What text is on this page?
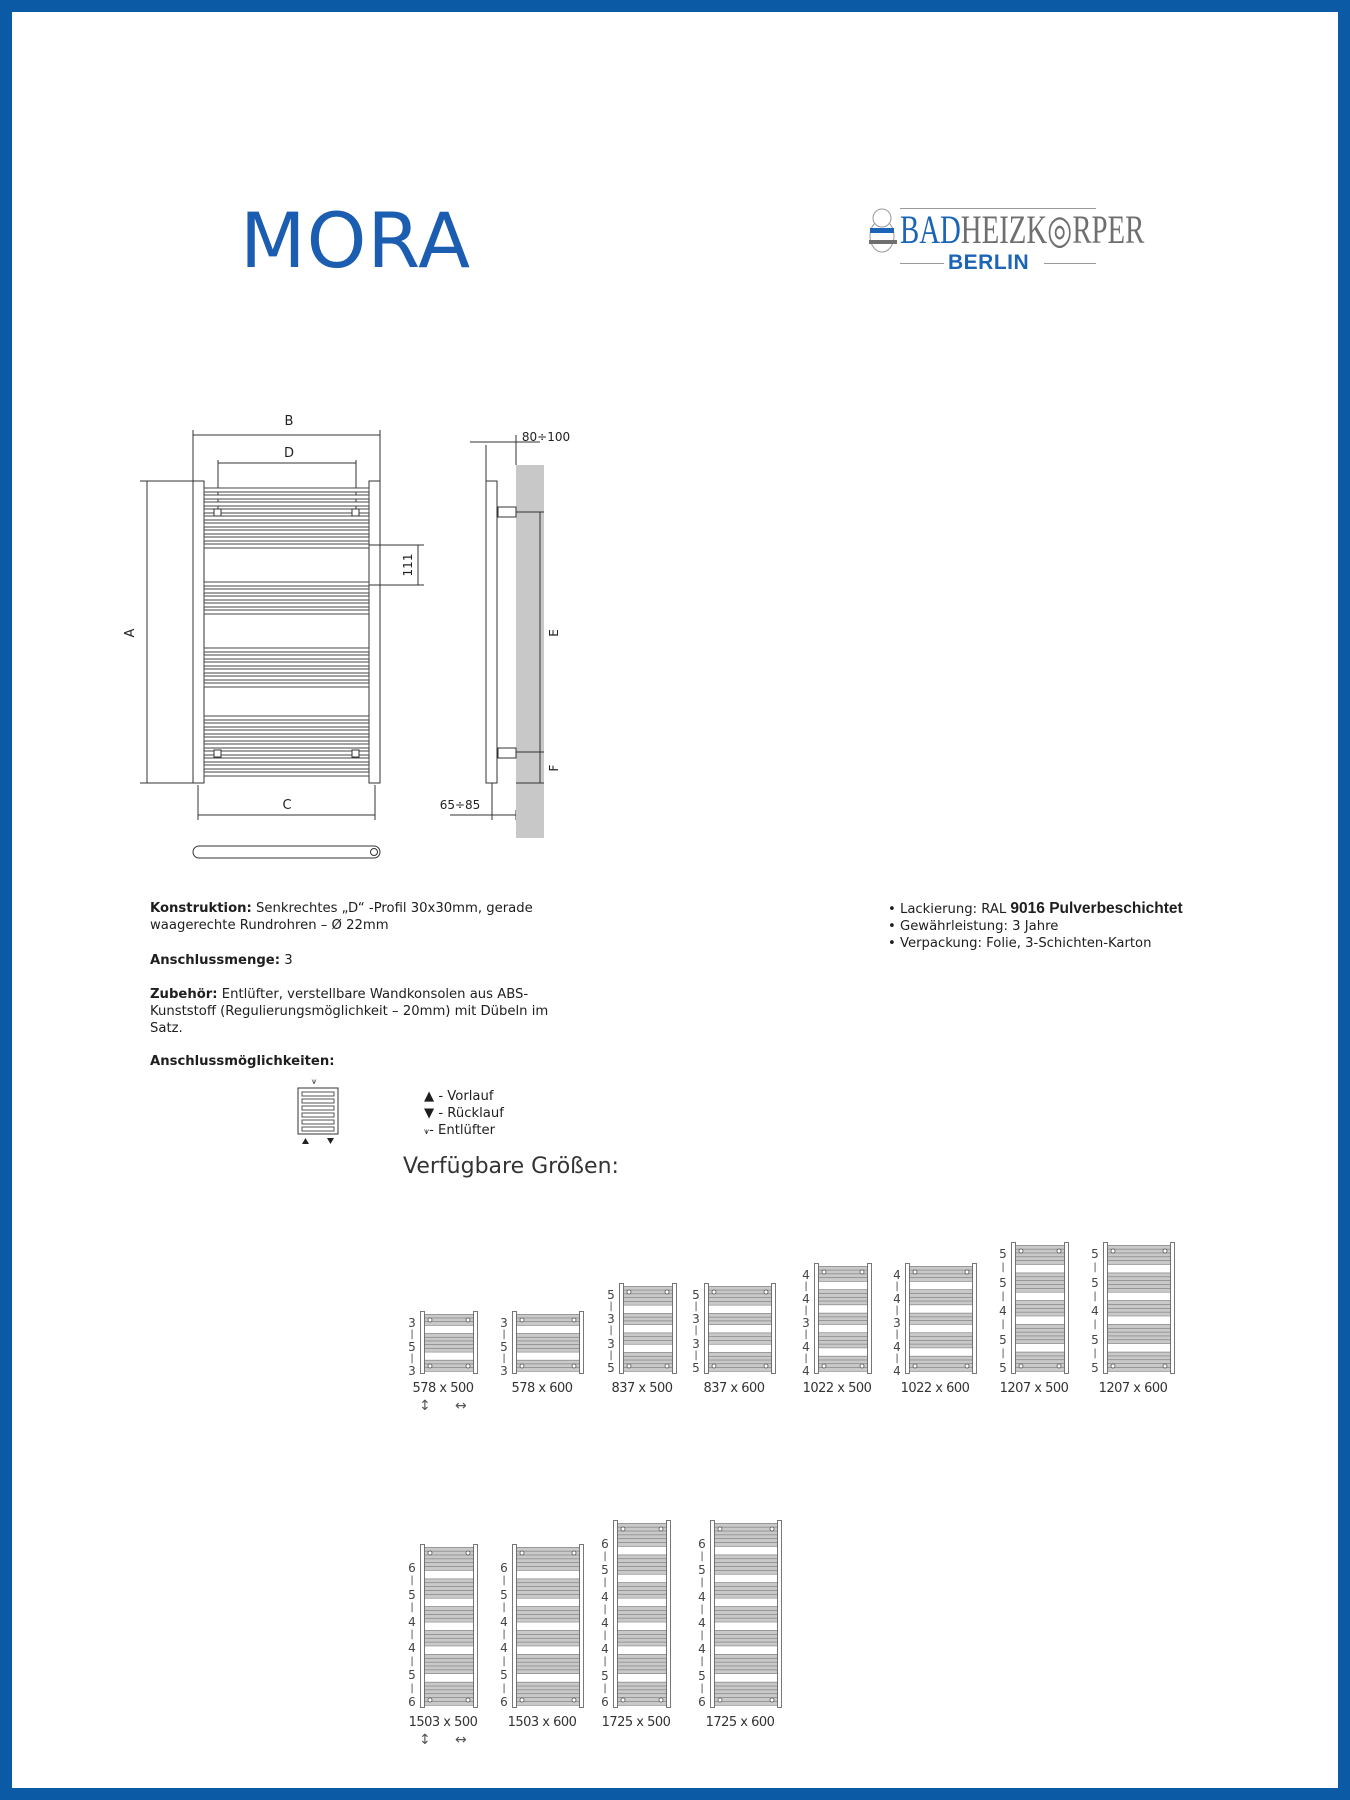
MORA	BADHEIZK◎RPER
BERLIN
B
D
A
111
C
E
F
80÷100
65÷85
Konstruktion: Senkrechtes „D“ -Profil 30x30mm, gerade waagerechte Rundrohren – Ø 22mm
Anschlussmenge: 3
Zubehör: Entlüfter, verstellbare Wandkonsolen aus ABS-Kunststoff (Regulierungsmöglichkeit – 20mm) mit Dübeln im Satz.
Anschlussmöglichkeiten:
⩛
▲ - Vorlauf
▼ - Rücklauf
⩛- Entlüfter
• Lackierung: RAL 9016 Pulverbeschichtet
• Gewährleistung: 3 Jahre
• Verpackung: Folie, 3-Schichten-Karton
Verfügbare Größen:
3
|
5
|
3
578 x 500
↕ ↔
3
|
5
|
3
578 x 600
5
|
3
|
3
|
5
837 x 500
5
|
3
|
3
|
5
837 x 600
4
|
4
|
3
|
4
|
4
1022 x 500
4
|
4
|
3
|
4
|
4
1022 x 600
5
|
5
|
4
|
5
|
5
1207 x 500
5
|
5
|
4
|
5
|
5
1207 x 600
6
|
5
|
4
|
4
|
5
|
6
1503 x 500
↕ ↔
6
|
5
|
4
|
4
|
5
|
6
1503 x 600
6
|
5
|
4
|
4
|
4
|
5
|
6
1725 x 500
6
|
5
|
4
|
4
|
4
|
5
|
6
1725 x 600
